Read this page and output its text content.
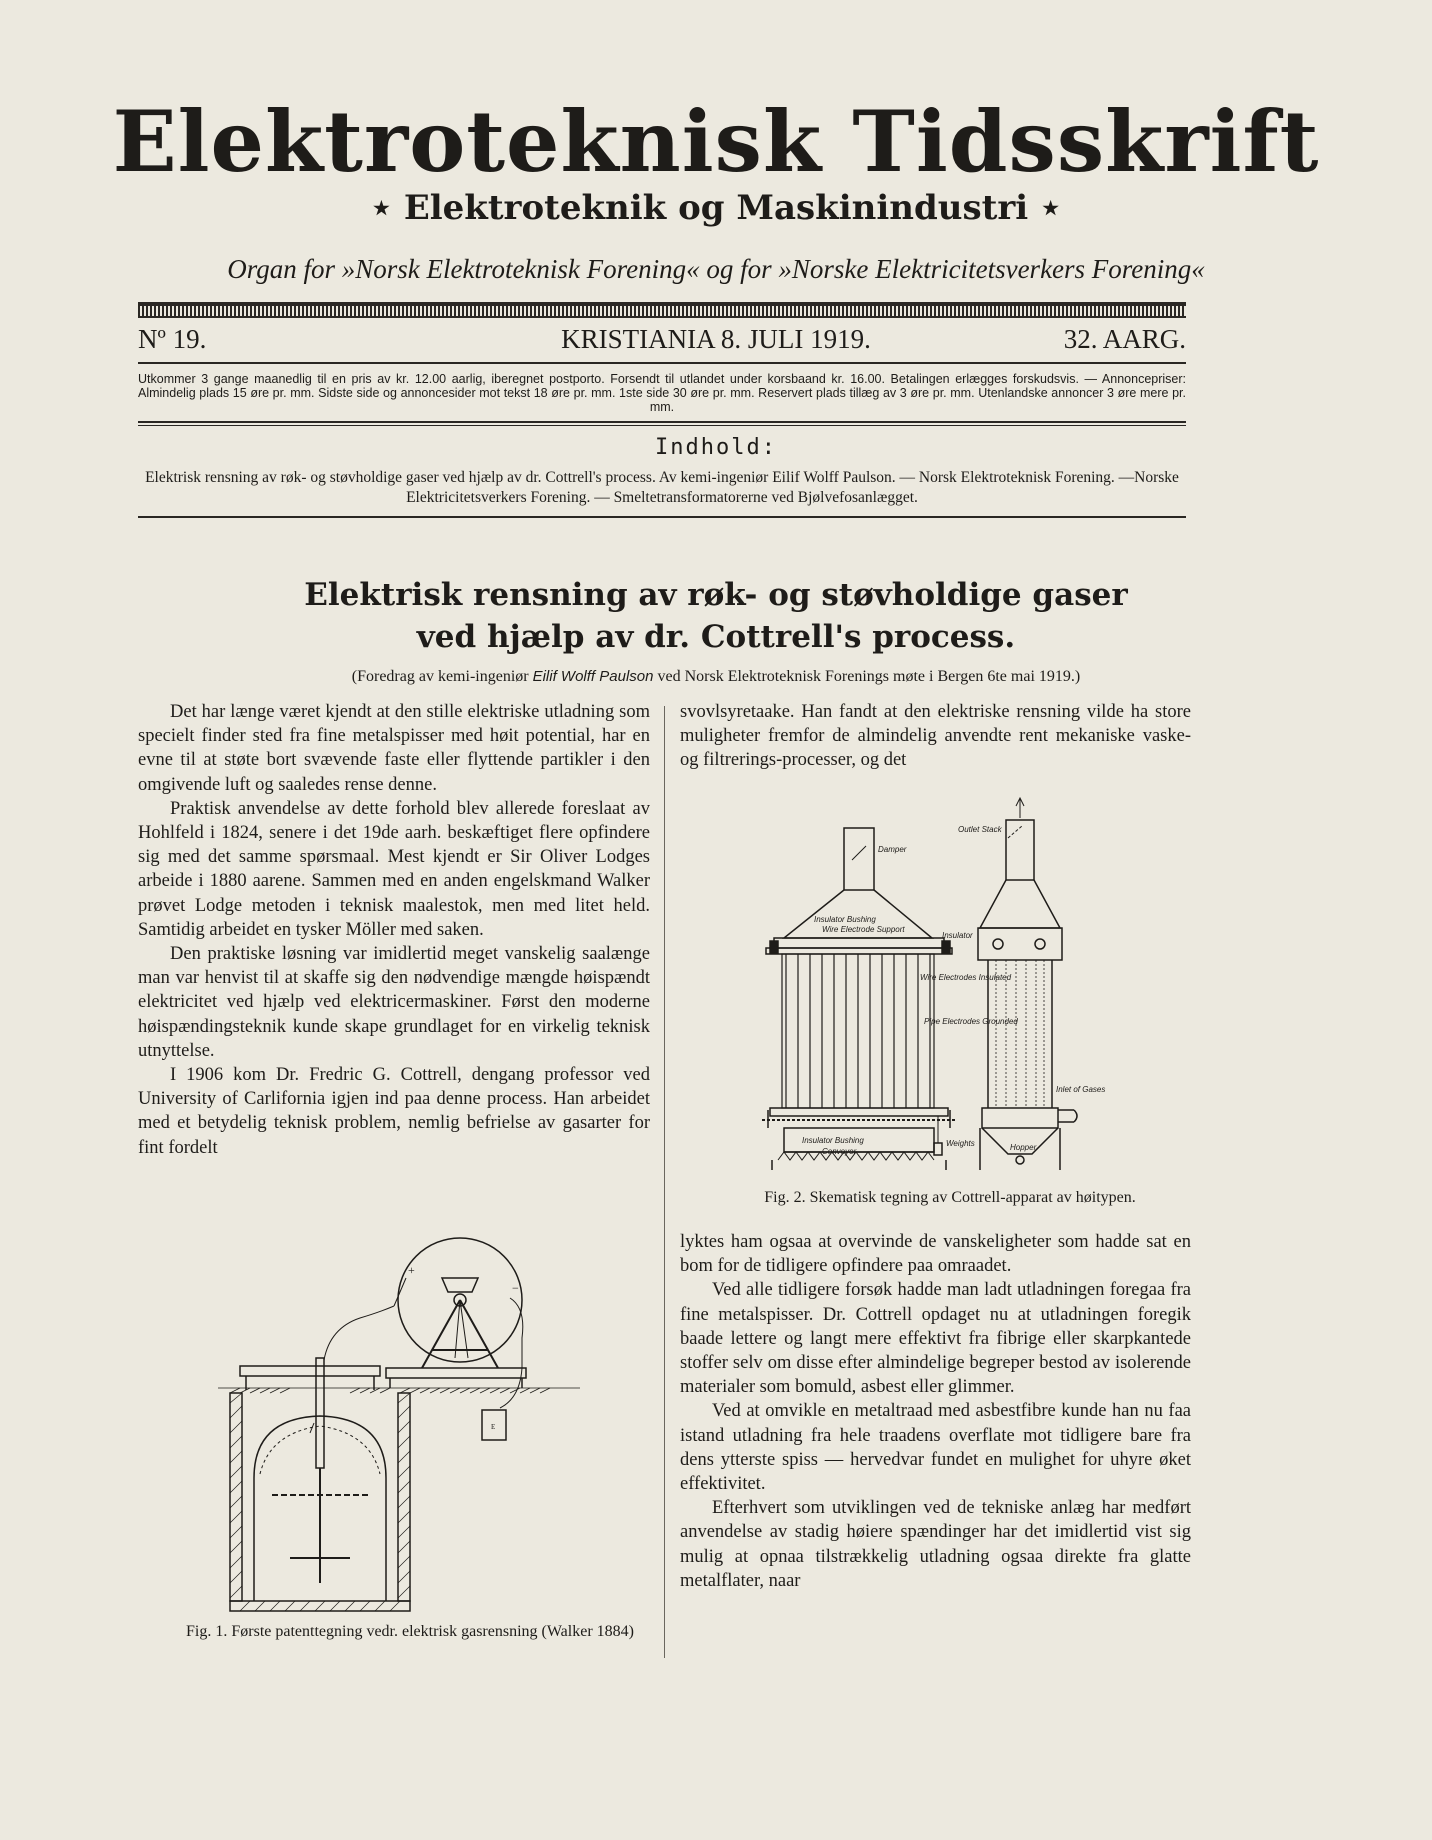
Elektroteknisk Tidsskrift
⋆ Elektroteknik og Maskinindustri ⋆
Organ for »Norsk Elektroteknisk Forening« og for »Norske Elektricitetsverkers Forening«
Nº 19.	KRISTIANIA 8. JULI 1919.	32. AARG.
Utkommer 3 gange maanedlig til en pris av kr. 12.00 aarlig, iberegnet postporto. Forsendt til utlandet under korsbaand kr. 16.00. Betalingen erlægges forskudsvis. — Annoncepriser: Almindelig plads 15 øre pr. mm. Sidste side og annoncesider mot tekst 18 øre pr. mm. 1ste side 30 øre pr. mm. Reservert plads tillæg av 3 øre pr. mm. Utenlandske annoncer 3 øre mere pr. mm.
Indhold:
Elektrisk rensning av røk- og støvholdige gaser ved hjælp av dr. Cottrell's process. Av kemi-ingeniør Eilif Wolff Paulson. — Norsk Elektroteknisk Forening. —Norske Elektricitetsverkers Forening. — Smeltetransformatorerne ved Bjølvefosanlægget.
Elektrisk rensning av røk- og støvholdige gaser
ved hjælp av dr. Cottrell's process.
(Foredrag av kemi-ingeniør Eilif Wolff Paulson ved Norsk Elektroteknisk Forenings møte i Bergen 6te mai 1919.)

Det har længe været kjendt at den stille elektriske utladning som specielt finder sted fra fine metalspisser med høit potential, har en evne til at støte bort svævende faste eller flyttende partikler i den omgivende luft og saaledes rense denne.

Praktisk anvendelse av dette forhold blev allerede foreslaat av Hohlfeld i 1824, senere i det 19de aarh. beskæftiget flere opfindere sig med det samme spørsmaal. Mest kjendt er Sir Oliver Lodges arbeide i 1880 aarene. Sammen med en anden engelskmand Walker prøvet Lodge metoden i teknisk maalestok, men med litet held. Samtidig arbeidet en tysker Möller med saken.

Den praktiske løsning var imidlertid meget vanskelig saalænge man var henvist til at skaffe sig den nødvendige mængde høispændt elektricitet ved hjælp ved elektricermaskiner. Først den moderne høispændingsteknik kunde skape grundlaget for en virkelig teknisk utnyttelse.

I 1906 kom Dr. Fredric G. Cottrell, dengang professor ved University of Carlifornia igjen ind paa denne process. Han arbeidet med et betydelig teknisk problem, nemlig befrielse av gasarter for fint fordelt

svovlsyretaake. Han fandt at den elektriske rensning vilde ha store muligheter fremfor de almindelig anvendte rent mekaniske vaske- og filtrerings-processer, og det

lyktes ham ogsaa at overvinde de vanskeligheter som hadde sat en bom for de tidligere opfindere paa omraadet.

Ved alle tidligere forsøk hadde man ladt utladningen foregaa fra fine metalspisser. Dr. Cottrell opdaget nu at utladningen foregik baade lettere og langt mere effektivt fra fibrige eller skarpkantede stoffer selv om disse efter almindelige begreper bestod av isolerende materialer som bomuld, asbest eller glimmer.

Ved at omvikle en metaltraad med asbestfibre kunde han nu faa istand utladning fra hele traadens overflate mot tidligere bare fra dens ytterste spiss — hervedvar fundet en mulighet for uhyre øket effektivitet.

Efterhvert som utviklingen ved de tekniske anlæg har medført anvendelse av stadig høiere spændinger har det imidlertid vist sig mulig at opnaa tilstrækkelig utladning ogsaa direkte fra glatte metalflater, naar

+
−
E
Fig. 1. Første patenttegning vedr. elektrisk gasrensning (Walker 1884)
Damper
Outlet Stack
Insulator Bushing
Wire Electrode Support
Insulator
Wire Electrodes Insulated
Pipe Electrodes Grounded
Inlet of Gases
Insulator Bushing
Conveyor
Weights	Hopper
Fig. 2. Skematisk tegning av Cottrell-apparat av høitypen.
